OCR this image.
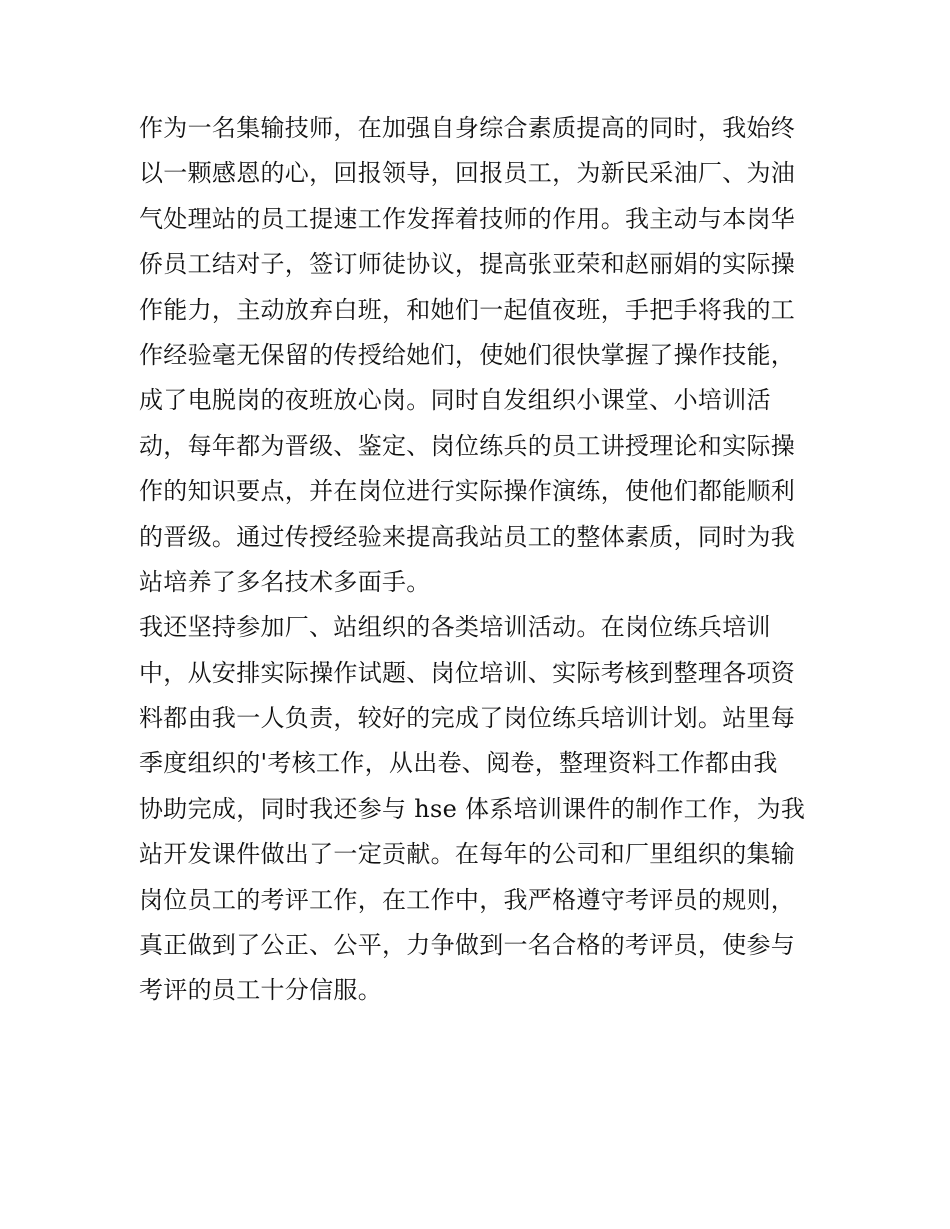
作为一名集输技师，在加强自身综合素质提高的同时，我始终
以一颗感恩的心，回报领导，回报员工，为新民采油厂、为油
气处理站的员工提速工作发挥着技师的作用。我主动与本岗华
侨员工结对子，签订师徒协议，提高张亚荣和赵丽娟的实际操
作能力，主动放弃白班，和她们一起值夜班，手把手将我的工
作经验毫无保留的传授给她们，使她们很快掌握了操作技能，
成了电脱岗的夜班放心岗。同时自发组织小课堂、小培训活
动，每年都为晋级、鉴定、岗位练兵的员工讲授理论和实际操
作的知识要点，并在岗位进行实际操作演练，使他们都能顺利
的晋级。通过传授经验来提高我站员工的整体素质，同时为我
站培养了多名技术多面手。
我还坚持参加厂、站组织的各类培训活动。在岗位练兵培训
中，从安排实际操作试题、岗位培训、实际考核到整理各项资
料都由我一人负责，较好的完成了岗位练兵培训计划。站里每
季度组织的'考核工作，从出卷、阅卷，整理资料工作都由我
协助完成，同时我还参与 hse 体系培训课件的制作工作，为我
站开发课件做出了一定贡献。在每年的公司和厂里组织的集输
岗位员工的考评工作，在工作中，我严格遵守考评员的规则，
真正做到了公正、公平，力争做到一名合格的考评员，使参与
考评的员工十分信服。
